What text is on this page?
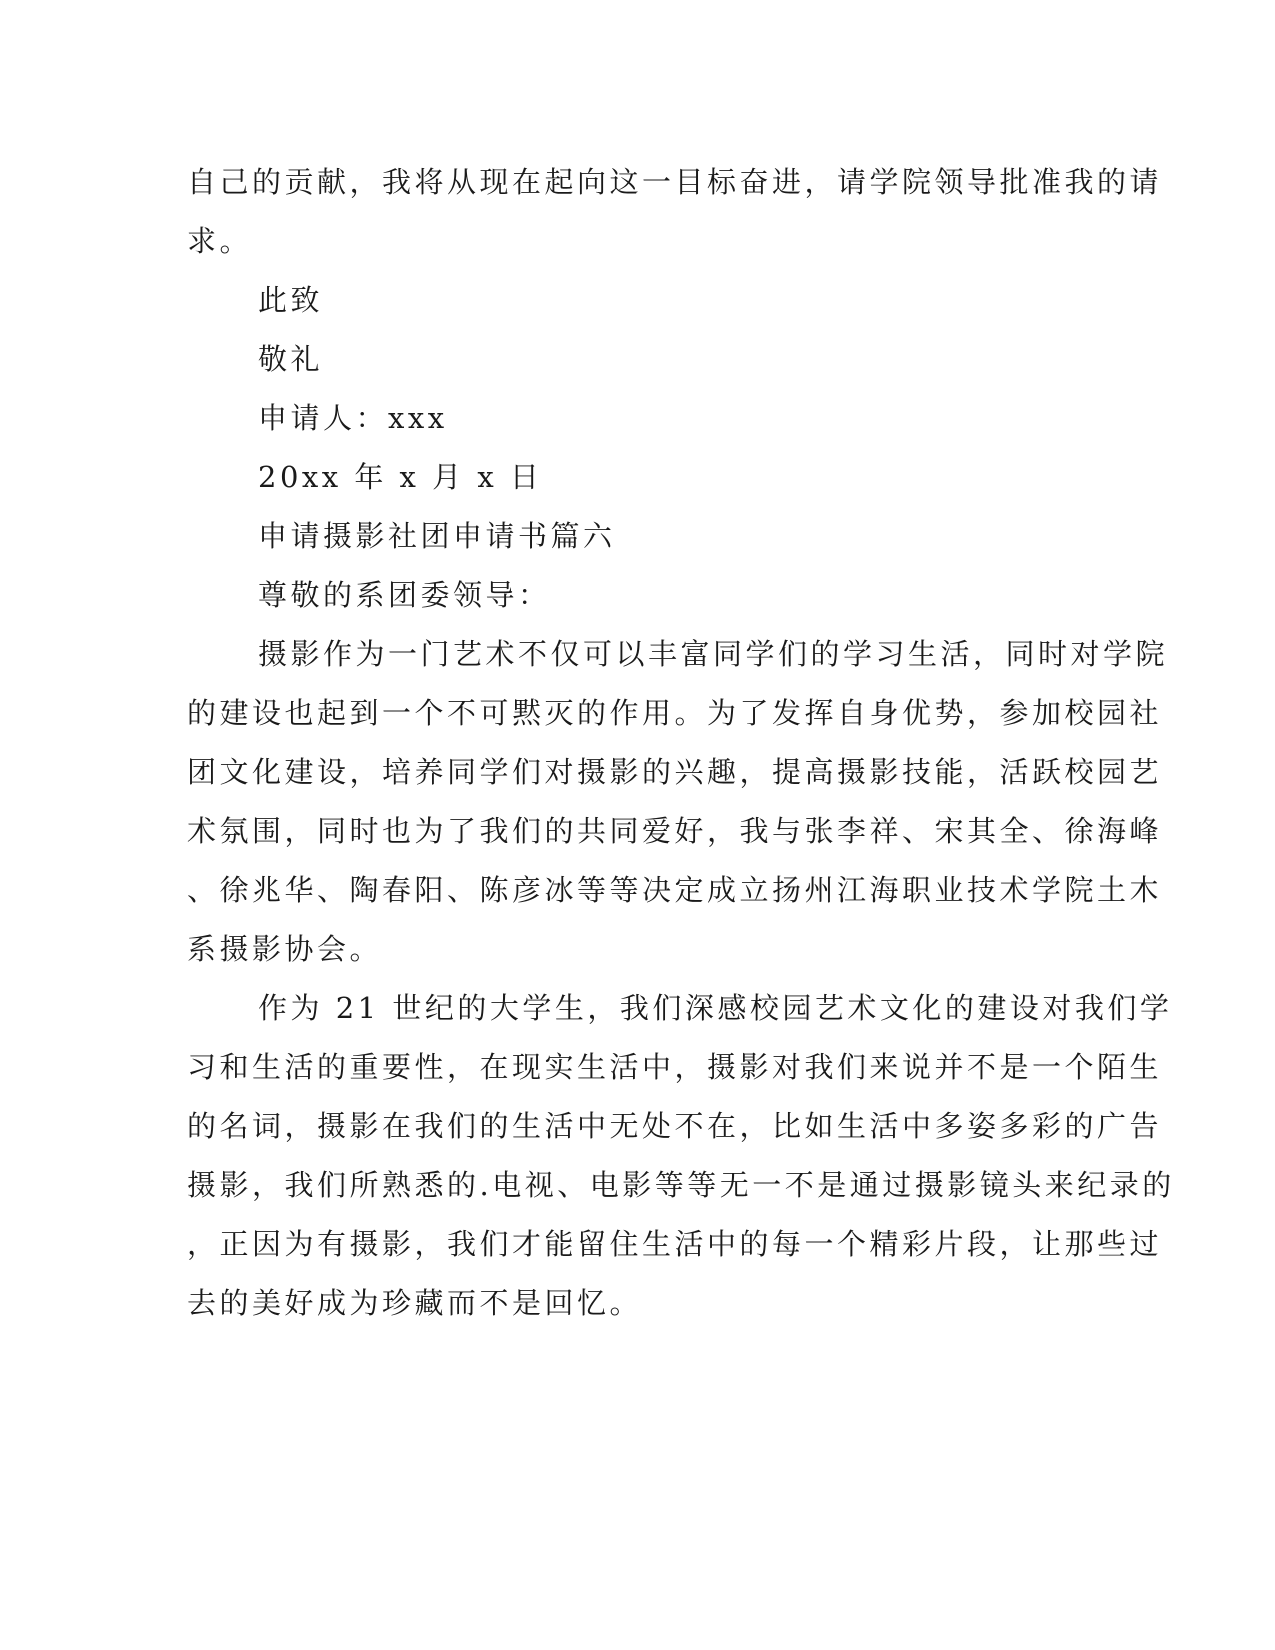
自己的贡献，我将从现在起向这一目标奋进，请学院领导批准我的请
求。
此致
敬礼
申请人：xxx
20xx 年 x 月 x 日
申请摄影社团申请书篇六
尊敬的系团委领导：
摄影作为一门艺术不仅可以丰富同学们的学习生活，同时对学院
的建设也起到一个不可黙灭的作用。为了发挥自身优势，参加校园社
团文化建设，培养同学们对摄影的兴趣，提高摄影技能，活跃校园艺
术氛围，同时也为了我们的共同爱好，我与张李祥、宋其全、徐海峰
、徐兆华、陶春阳、陈彦冰等等决定成立扬州江海职业技术学院土木
系摄影协会。
作为 21 世纪的大学生，我们深感校园艺术文化的建设对我们学
习和生活的重要性，在现实生活中，摄影对我们来说并不是一个陌生
的名词，摄影在我们的生活中无处不在，比如生活中多姿多彩的广告
摄影，我们所熟悉的.电视、电影等等无一不是通过摄影镜头来纪录的
，正因为有摄影，我们才能留住生活中的每一个精彩片段，让那些过
去的美好成为珍藏而不是回忆。
